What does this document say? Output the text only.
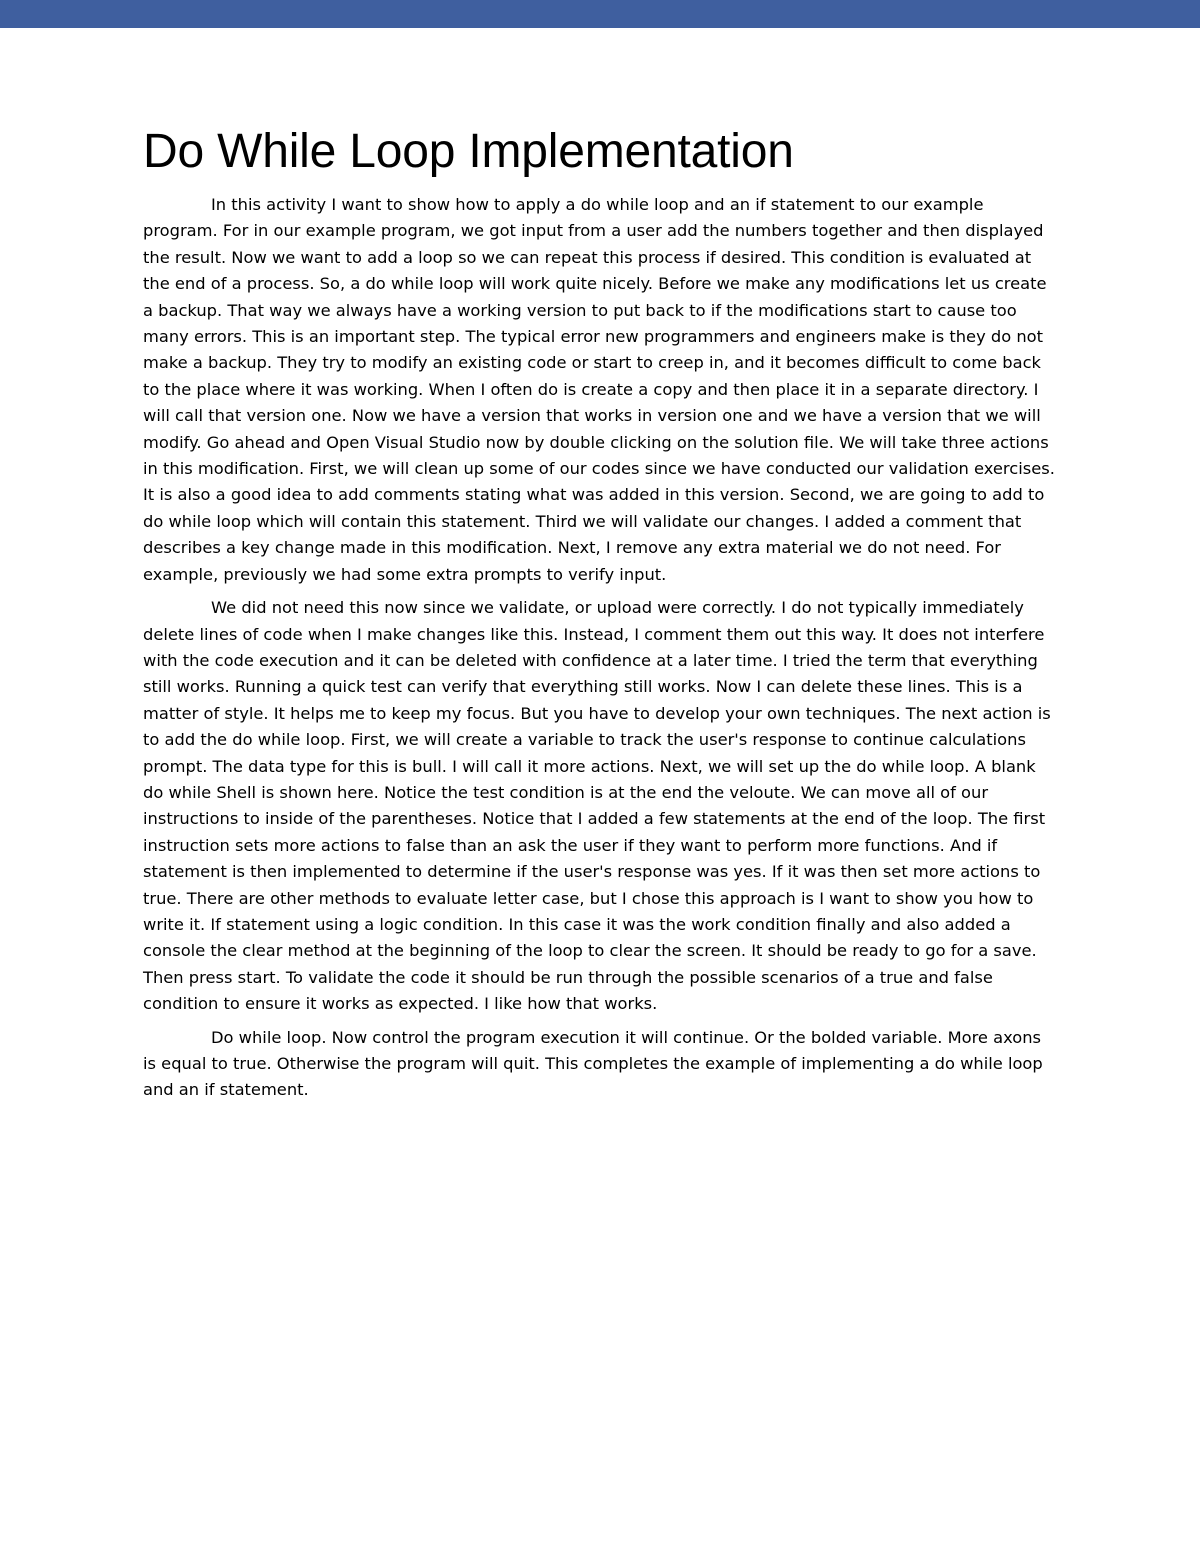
Do While Loop Implementation

In this activity I want to show how to apply a do while loop and an if statement to our example program. For in our example program, we got input from a user add the numbers together and then displayed the result. Now we want to add a loop so we can repeat this process if desired. This condition is evaluated at the end of a process. So, a do while loop will work quite nicely. Before we make any modifications let us create a backup. That way we always have a working version to put back to if the modifications start to cause too many errors. This is an important step. The typical error new programmers and engineers make is they do not make a backup. They try to modify an existing code or start to creep in, and it becomes difficult to come back to the place where it was working. When I often do is create a copy and then place it in a separate directory. I will call that version one. Now we have a version that works in version one and we have a version that we will modify. Go ahead and Open Visual Studio now by double clicking on the solution file. We will take three actions in this modification. First, we will clean up some of our codes since we have conducted our validation exercises. It is also a good idea to add comments stating what was added in this version. Second, we are going to add to do while loop which will contain this statement. Third we will validate our changes. I added a comment that describes a key change made in this modification. Next, I remove any extra material we do not need. For example, previously we had some extra prompts to verify input.

We did not need this now since we validate, or upload were correctly. I do not typically immediately delete lines of code when I make changes like this. Instead, I comment them out this way. It does not interfere with the code execution and it can be deleted with confidence at a later time. I tried the term that everything still works. Running a quick test can verify that everything still works. Now I can delete these lines. This is a matter of style. It helps me to keep my focus. But you have to develop your own techniques. The next action is to add the do while loop. First, we will create a variable to track the user's response to continue calculations prompt. The data type for this is bull. I will call it more actions. Next, we will set up the do while loop. A blank do while Shell is shown here. Notice the test condition is at the end the veloute. We can move all of our instructions to inside of the parentheses. Notice that I added a few statements at the end of the loop. The first instruction sets more actions to false than an ask the user if they want to perform more functions. And if statement is then implemented to determine if the user's response was yes. If it was then set more actions to true. There are other methods to evaluate letter case, but I chose this approach is I want to show you how to write it. If statement using a logic condition. In this case it was the work condition finally and also added a console the clear method at the beginning of the loop to clear the screen. It should be ready to go for a save. Then press start. To validate the code it should be run through the possible scenarios of a true and false condition to ensure it works as expected. I like how that works.

Do while loop. Now control the program execution it will continue. Or the bolded variable. More axons is equal to true. Otherwise the program will quit. This completes the example of implementing a do while loop and an if statement.
